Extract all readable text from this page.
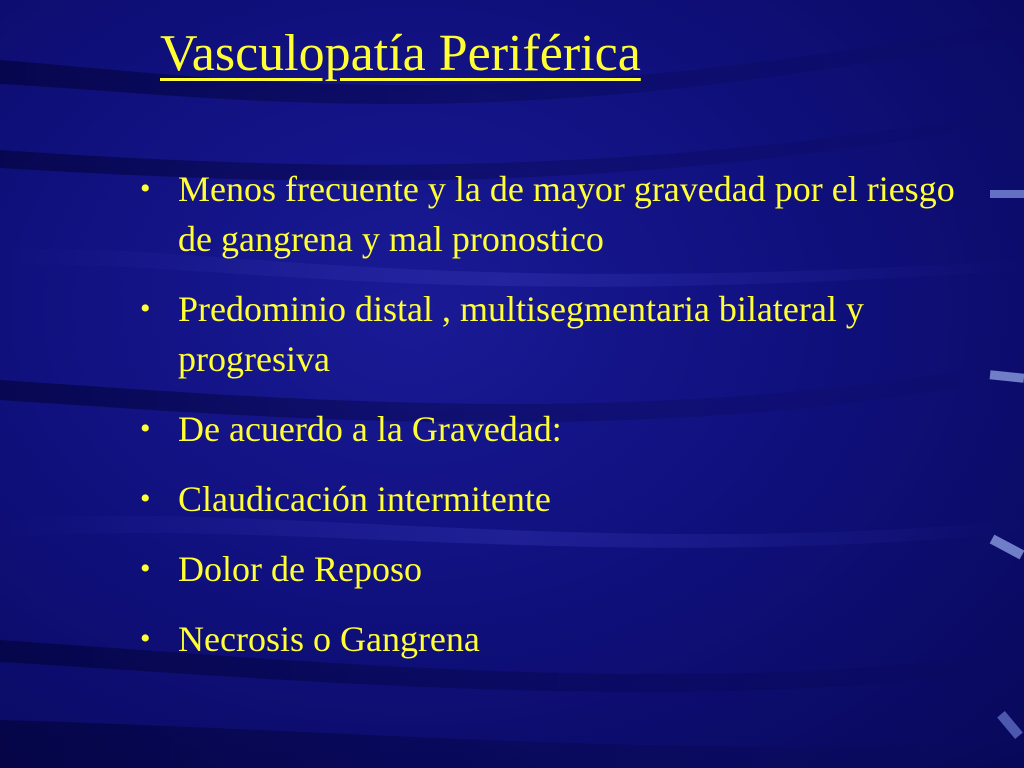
Vasculopatía Periférica
• Menos frecuente y la de mayor gravedad por el riesgo de gangrena y mal pronostico
• Predominio distal , multisegmentaria bilateral y progresiva
• De acuerdo a la Gravedad:
• Claudicación intermitente
• Dolor de Reposo
• Necrosis o Gangrena
